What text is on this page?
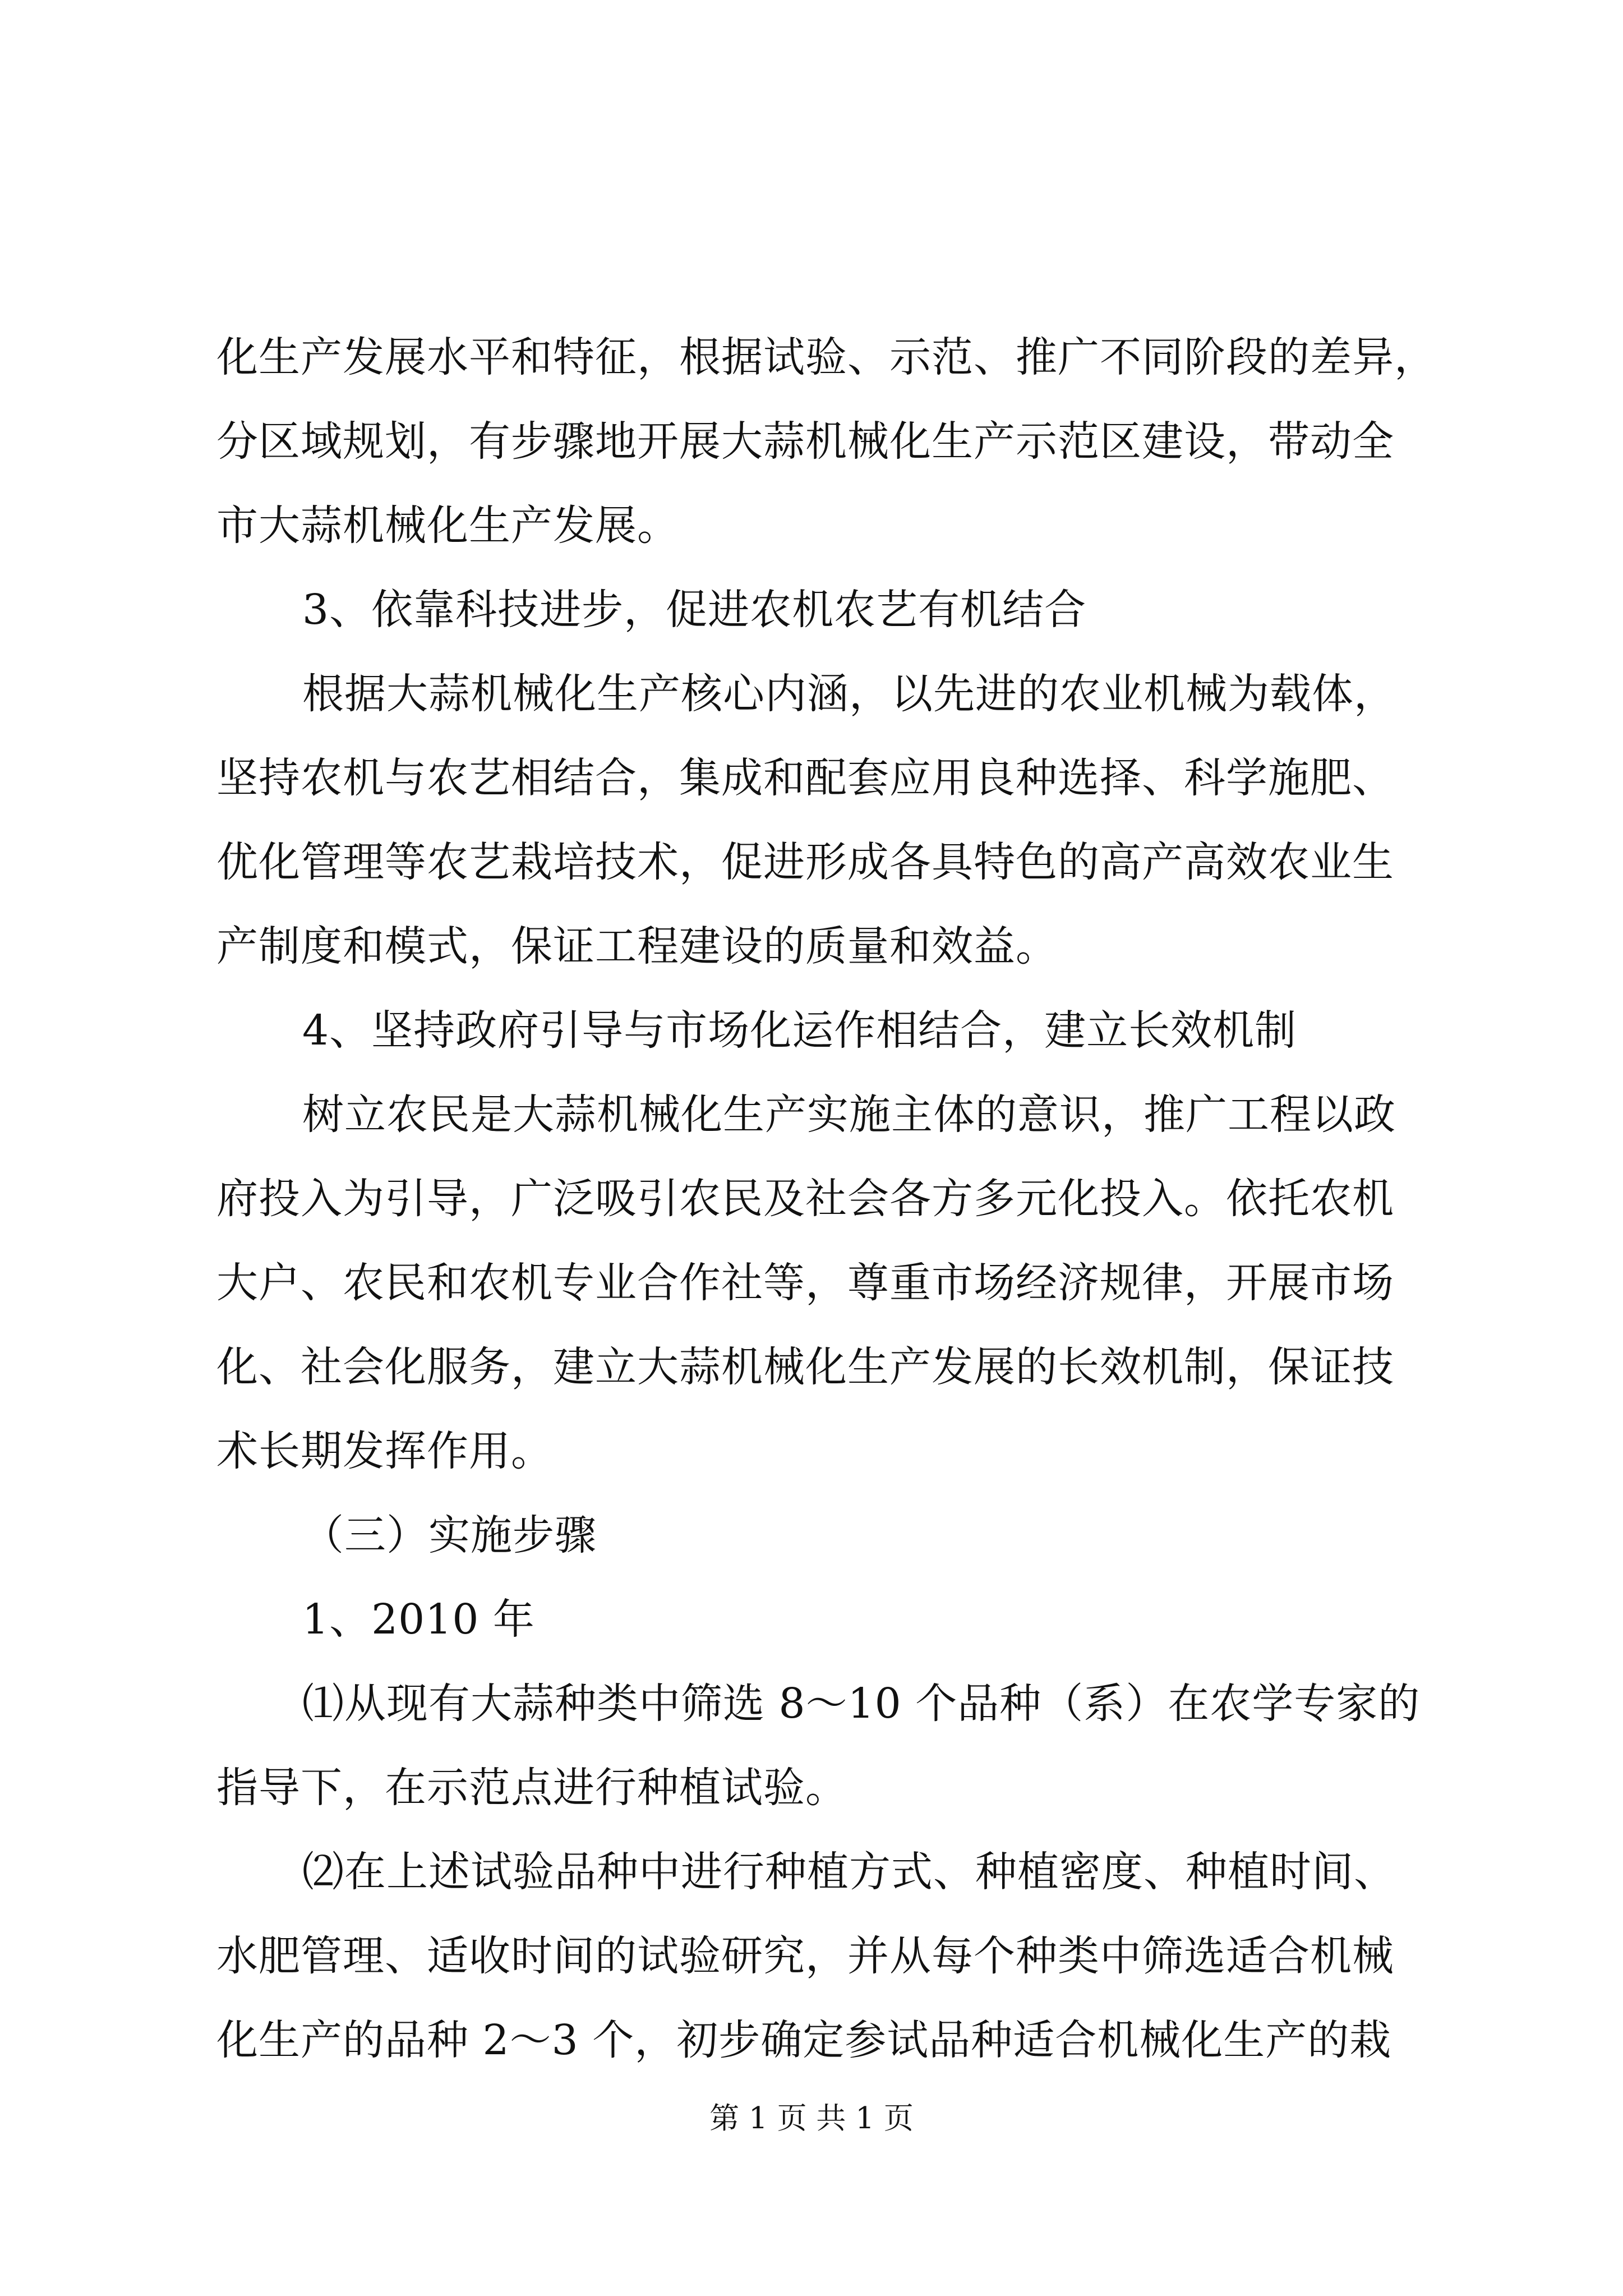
化生产发展水平和特征，根据试验、示范、推广不同阶段的差异，
分区域规划，有步骤地开展大蒜机械化生产示范区建设，带动全
市大蒜机械化生产发展。
3、依靠科技进步，促进农机农艺有机结合
根据大蒜机械化生产核心内涵，以先进的农业机械为载体，
坚持农机与农艺相结合，集成和配套应用良种选择、科学施肥、
优化管理等农艺栽培技术，促进形成各具特色的高产高效农业生
产制度和模式，保证工程建设的质量和效益。
4、坚持政府引导与市场化运作相结合，建立长效机制
树立农民是大蒜机械化生产实施主体的意识，推广工程以政
府投入为引导，广泛吸引农民及社会各方多元化投入。依托农机
大户、农民和农机专业合作社等，尊重市场经济规律，开展市场
化、社会化服务，建立大蒜机械化生产发展的长效机制，保证技
术长期发挥作用。
（三）实施步骤
1、2010 年
⑴从现有大蒜种类中筛选 8～10 个品种（系）在农学专家的
指导下，在示范点进行种植试验。
⑵在上述试验品种中进行种植方式、种植密度、种植时间、
水肥管理、适收时间的试验研究，并从每个种类中筛选适合机械
化生产的品种 2～3 个，初步确定参试品种适合机械化生产的栽
第 1 页 共 1 页
